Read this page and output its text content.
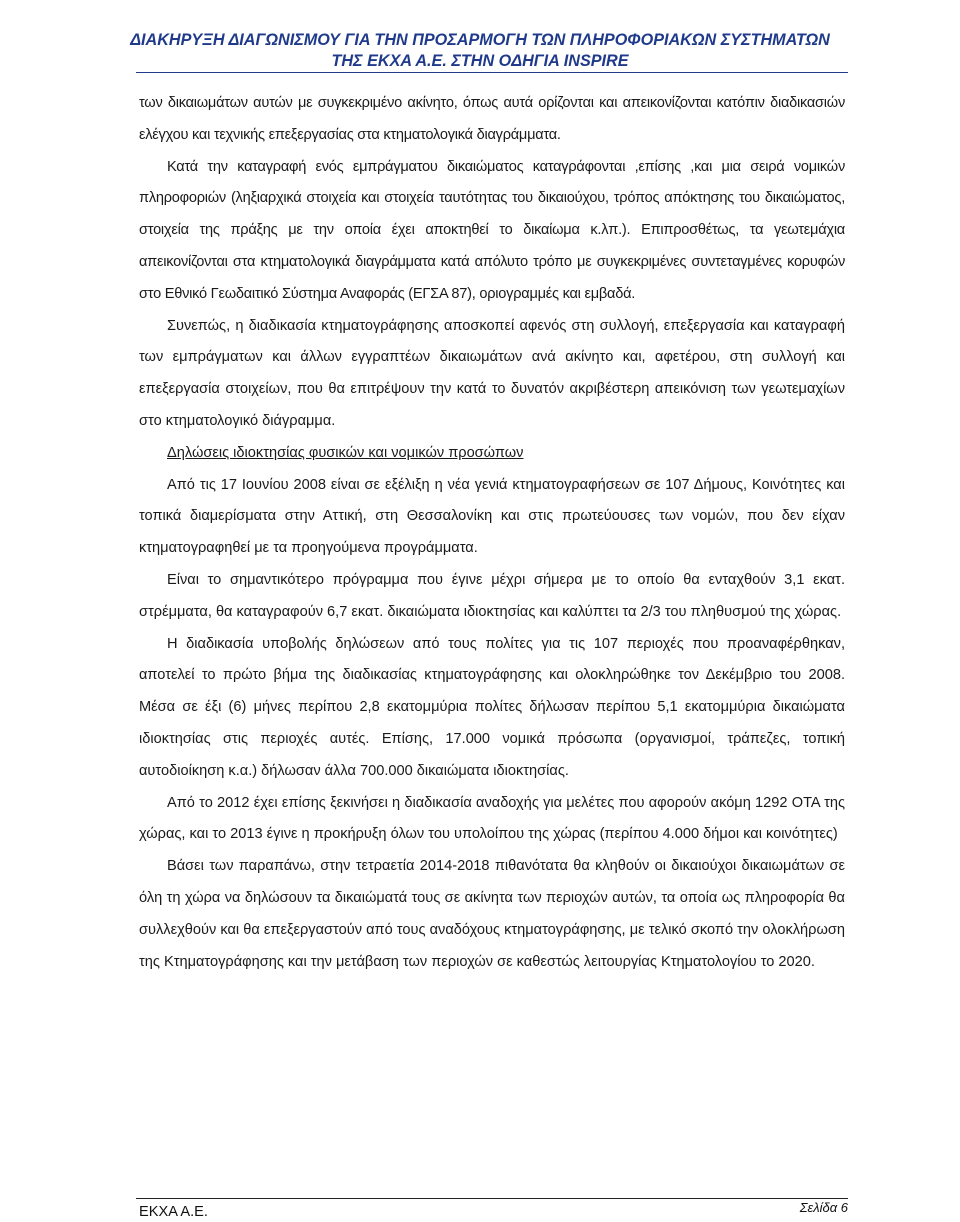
ΔΙΑΚΗΡΥΞΗ ΔΙΑΓΩΝΙΣΜΟΥ ΓΙΑ ΤΗΝ ΠΡΟΣΑΡΜΟΓΗ ΤΩΝ ΠΛΗΡΟΦΟΡΙΑΚΩΝ ΣΥΣΤΗΜΑΤΩΝ
ΤΗΣ ΕΚΧΑ Α.Ε. ΣΤΗΝ ΟΔΗΓΙΑ INSPIRE

των δικαιωμάτων αυτών με συγκεκριμένο ακίνητο, όπως αυτά ορίζονται και απεικονίζονται κατόπιν διαδικασιών ελέγχου και τεχνικής επεξεργασίας στα κτηματολογικά διαγράμματα.

Κατά την καταγραφή ενός εμπράγματου δικαιώματος καταγράφονται ,επίσης ,και μια σειρά νομικών πληροφοριών (ληξιαρχικά στοιχεία και στοιχεία ταυτότητας του δικαιούχου, τρόπος απόκτησης του δικαιώματος, στοιχεία της πράξης με την οποία έχει αποκτηθεί το δικαίωμα κ.λπ.). Επιπροσθέτως, τα γεωτεμάχια απεικονίζονται στα κτηματολογικά διαγράμματα κατά απόλυτο τρόπο με συγκεκριμένες συντεταγμένες κορυφών στο Εθνικό Γεωδαιτικό Σύστημα Αναφοράς (ΕΓΣΑ 87), οριογραμμές και εμβαδά.

Συνεπώς, η διαδικασία κτηματογράφησης αποσκοπεί αφενός στη συλλογή, επεξεργασία και καταγραφή των εμπράγματων και άλλων εγγραπτέων δικαιωμάτων ανά ακίνητο και, αφετέρου, στη συλλογή και επεξεργασία στοιχείων, που θα επιτρέψουν την κατά το δυνατόν ακριβέστερη απεικόνιση των γεωτεμαχίων στο κτηματολογικό διάγραμμα.

Δηλώσεις ιδιοκτησίας φυσικών και νομικών προσώπων

Από τις 17 Ιουνίου 2008 είναι σε εξέλιξη η νέα γενιά κτηματογραφήσεων σε 107 Δήμους, Κοινότητες και τοπικά διαμερίσματα στην Αττική, στη Θεσσαλονίκη και στις πρωτεύουσες των νομών, που δεν είχαν κτηματογραφηθεί με τα προηγούμενα προγράμματα.

Είναι το σημαντικότερο πρόγραμμα που έγινε μέχρι σήμερα με το οποίο θα ενταχθούν 3,1 εκατ. στρέμματα, θα καταγραφούν 6,7 εκατ. δικαιώματα ιδιοκτησίας και καλύπτει τα 2/3 του πληθυσμού της χώρας.

Η διαδικασία υποβολής δηλώσεων από τους πολίτες για τις 107 περιοχές που προαναφέρθηκαν, αποτελεί το πρώτο βήμα της διαδικασίας κτηματογράφησης και ολοκληρώθηκε τον Δεκέμβριο του 2008. Μέσα σε έξι (6) μήνες περίπου 2,8 εκατομμύρια πολίτες δήλωσαν περίπου 5,1 εκατομμύρια δικαιώματα ιδιοκτησίας στις περιοχές αυτές. Επίσης, 17.000 νομικά πρόσωπα (οργανισμοί, τράπεζες, τοπική αυτοδιοίκηση κ.α.) δήλωσαν άλλα 700.000 δικαιώματα ιδιοκτησίας.

Από το 2012 έχει επίσης ξεκινήσει η διαδικασία αναδοχής για μελέτες που αφορούν ακόμη 1292 ΟΤΑ της χώρας, και το 2013 έγινε η προκήρυξη όλων του υπολοίπου της χώρας (περίπου 4.000 δήμοι και κοινότητες)

Βάσει των παραπάνω, στην τετραετία 2014-2018 πιθανότατα θα κληθούν οι δικαιούχοι δικαιωμάτων σε όλη τη χώρα να δηλώσουν τα δικαιώματά τους σε ακίνητα των περιοχών αυτών, τα οποία ως πληροφορία θα συλλεχθούν και θα επεξεργαστούν από τους αναδόχους κτηματογράφησης, με τελικό σκοπό την ολοκλήρωση της Κτηματογράφησης και την μετάβαση των περιοχών σε καθεστώς λειτουργίας Κτηματολογίου το 2020.

ΕΚΧΑ Α.Ε.	Σελίδα 6
